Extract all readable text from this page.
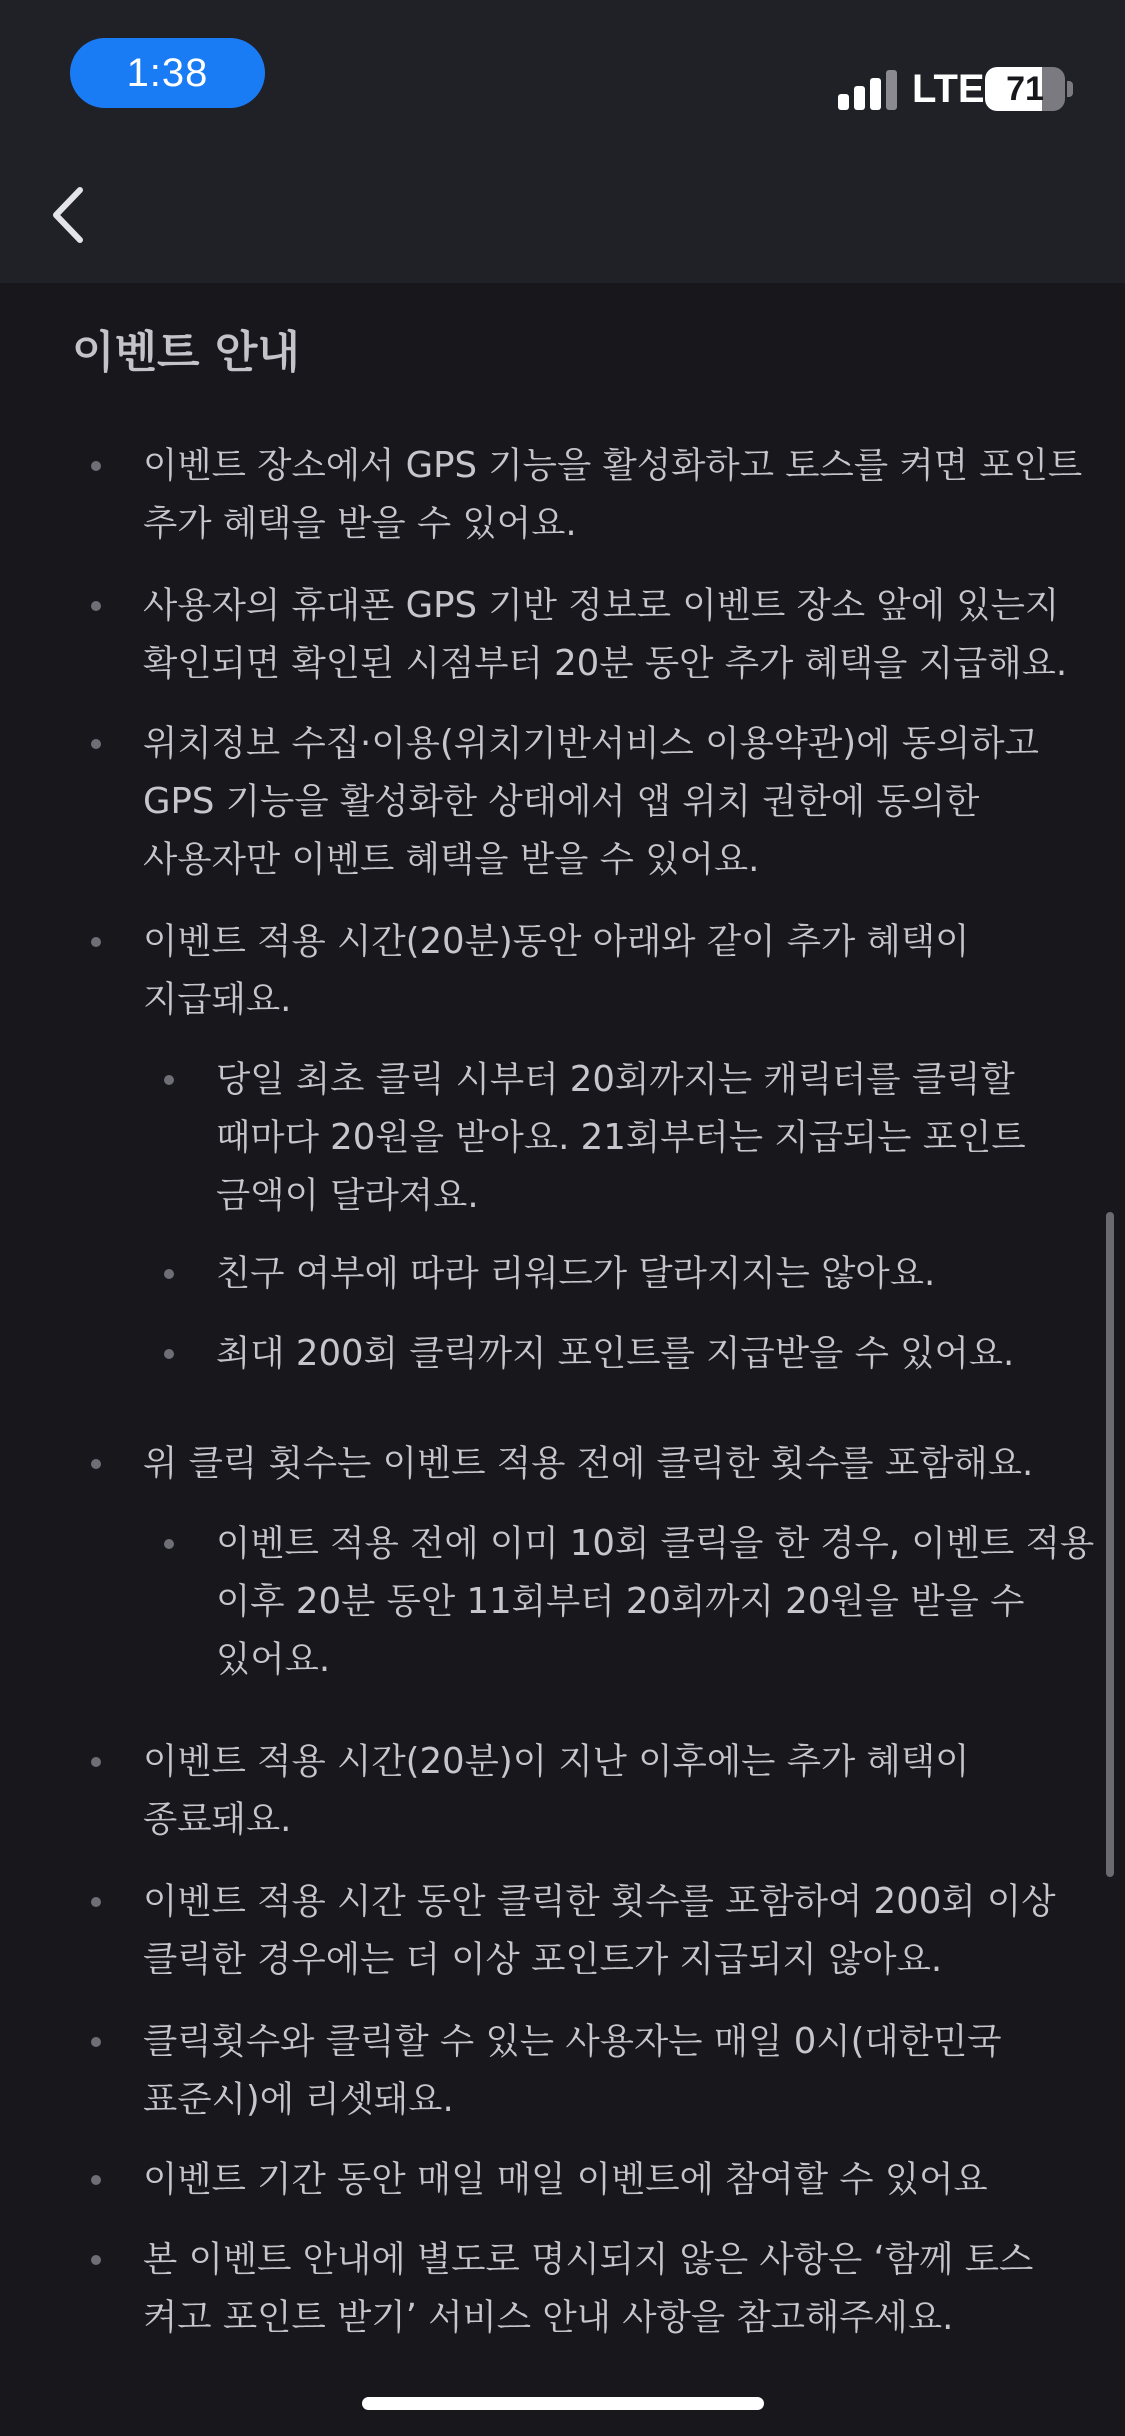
1:38	LTE 71
이벤트 안내
이벤트 장소에서 GPS 기능을 활성화하고 토스를 켜면 포인트
추가 혜택을 받을 수 있어요.
사용자의 휴대폰 GPS 기반 정보로 이벤트 장소 앞에 있는지
확인되면 확인된 시점부터 20분 동안 추가 혜택을 지급해요.
위치정보 수집·이용(위치기반서비스 이용약관)에 동의하고
GPS 기능을 활성화한 상태에서 앱 위치 권한에 동의한
사용자만 이벤트 혜택을 받을 수 있어요.
이벤트 적용 시간(20분)동안 아래와 같이 추가 혜택이
지급돼요.
당일 최초 클릭 시부터 20회까지는 캐릭터를 클릭할
때마다 20원을 받아요. 21회부터는 지급되는 포인트
금액이 달라져요.
친구 여부에 따라 리워드가 달라지지는 않아요.
최대 200회 클릭까지 포인트를 지급받을 수 있어요.
위 클릭 횟수는 이벤트 적용 전에 클릭한 횟수를 포함해요.
이벤트 적용 전에 이미 10회 클릭을 한 경우, 이벤트 적용
이후 20분 동안 11회부터 20회까지 20원을 받을 수
있어요.
이벤트 적용 시간(20분)이 지난 이후에는 추가 혜택이
종료돼요.
이벤트 적용 시간 동안 클릭한 횟수를 포함하여 200회 이상
클릭한 경우에는 더 이상 포인트가 지급되지 않아요.
클릭횟수와 클릭할 수 있는 사용자는 매일 0시(대한민국
표준시)에 리셋돼요.
이벤트 기간 동안 매일 매일 이벤트에 참여할 수 있어요
본 이벤트 안내에 별도로 명시되지 않은 사항은 ‘함께 토스
켜고 포인트 받기’ 서비스 안내 사항을 참고해주세요.
